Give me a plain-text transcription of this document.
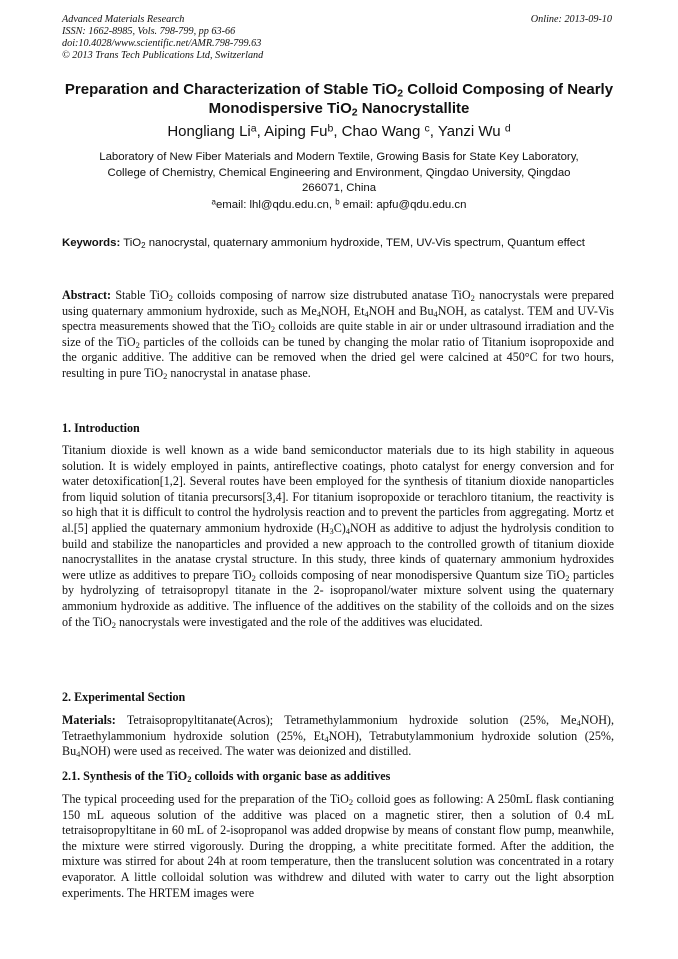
Advanced Materials Research
ISSN: 1662-8985, Vols. 798-799, pp 63-66
doi:10.4028/www.scientific.net/AMR.798-799.63
© 2013 Trans Tech Publications Ltd, Switzerland
Online: 2013-09-10
Preparation and Characterization of Stable TiO$_2$ Colloid Composing of Nearly Monodispersive TiO$_2$ Nanocrystallite
Hongliang Li$^a$, Aiping Fu$^b$, Chao Wang $^c$, Yanzi Wu $^d$
Laboratory of New Fiber Materials and Modern Textile, Growing Basis for State Key Laboratory,
College of Chemistry, Chemical Engineering and Environment, Qingdao University, Qingdao
266071, China
$^a$email: lhl@qdu.edu.cn, $^b$ email: apfu@qdu.edu.cn
Keywords: TiO$_2$ nanocrystal, quaternary ammonium hydroxide, TEM, UV-Vis spectrum, Quantum effect
Abstract: Stable TiO$_2$ colloids composing of narrow size distrubuted anatase TiO$_2$ nanocrystals were prepared using quaternary ammonium hydroxide, such as $Me_4NOH$, $Et_4NOH$ and $Bu_4NOH$, as catalyst. TEM and UV-Vis spectra measurements showed that the TiO$_2$ colloids are quite stable in air or under ultrasound irradiation and the size of the TiO$_2$ particles of the colloids can be tuned by changing the molar ratio of Titanium isopropoxide and the organic additive. The additive can be removed when the dried gel were calcined at 450°C for two hours, resulting in pure TiO$_2$ nanocrystal in anatase phase.
1. Introduction
Titanium dioxide is well known as a wide band semiconductor materials due to its high stability in aqueous solution. It is widely employed in paints, antireflective coatings, photo catalyst for energy conversion and for water detoxification[1,2]. Several routes have been employed for the synthesis of titanium dioxide nanoparticles from liquid solution of titania precursors[3,4]. For titanium isopropoxide or terachloro titanium, the reactivity is so high that it is difficult to control the hydrolysis reaction and to prevent the particles from aggregating. Mortz et al.[5] applied the quaternary ammonium hydroxide $(H_3C)_4NOH$ as additive to adjust the hydrolysis condition to build and stabilize the nanoparticles and provided a new approach to the controlled growth of titanium dioxide nanocrystallites in the anatase crystal structure. In this study, three kinds of quaternary ammonium hydroxides were utlize as additives to prepare TiO$_2$ colloids composing of near monodispersive Quantum size TiO$_2$ particles by hydrolyzing of tetraisopropyl titanate in the 2- isopropanol/water mixture solvent using the quaternary ammonium hydroxide as additive. The influence of the additives on the stability of the colloids and on the sizes of the TiO$_2$ nanocrystals were investigated and the role of the additives was elucidated.
2. Experimental Section
Materials: Tetraisopropyltitanate(Acros); Tetramethylammonium hydroxide solution (25%, $Me_4NOH$), Tetraethylammonium hydroxide solution (25%, $Et_4NOH$), Tetrabutylammonium hydroxide solution (25%, $Bu_4NOH$) were used as received. The water was deionized and distilled.
2.1. Synthesis of the TiO$_2$ colloids with organic base as additives
The typical proceeding used for the preparation of the TiO$_2$ colloid goes as following: A 250mL flask contianing 150 mL aqueous solution of the additive was placed on a magnetic stirer, then a solution of 0.4 mL tetraisopropyltitane in 60 mL of 2-isopropanol was added dropwise by means of constant flow pump, meanwhile, the mixture were stirred vigorously. During the dropping, a white precititate formed. After the addition, the mixture was stirred for about 24h at room temperature, then the translucent solution was concentrated in a rotary evaporator. A little colloidal solution was withdrew and diluted with water to carry out the light absorption experiments. The HRTEM images were
